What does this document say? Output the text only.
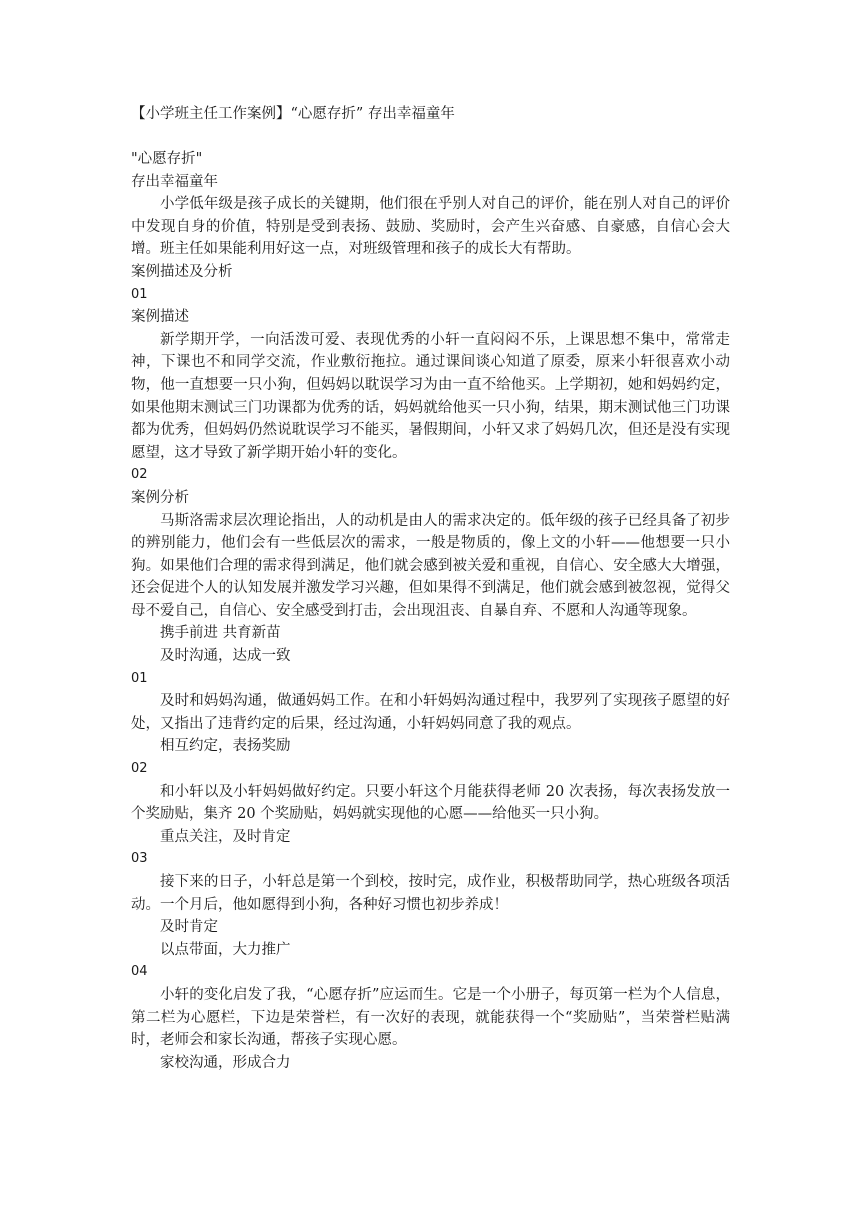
【小学班主任工作案例】“心愿存折” 存出幸福童年

"心愿存折"

存出幸福童年

小学低年级是孩子成长的关键期，他们很在乎别人对自己的评价，能在别人对自己的评价中发现自身的价值，特别是受到表扬、鼓励、奖励时，会产生兴奋感、自豪感，自信心会大增。班主任如果能利用好这一点，对班级管理和孩子的成长大有帮助。

案例描述及分析

01

案例描述

新学期开学，一向活泼可爱、表现优秀的小轩一直闷闷不乐，上课思想不集中，常常走神，下课也不和同学交流，作业敷衍拖拉。通过课间谈心知道了原委，原来小轩很喜欢小动物，他一直想要一只小狗，但妈妈以耽误学习为由一直不给他买。上学期初，她和妈妈约定，如果他期末测试三门功课都为优秀的话，妈妈就给他买一只小狗，结果，期末测试他三门功课都为优秀，但妈妈仍然说耽误学习不能买，暑假期间，小轩又求了妈妈几次，但还是没有实现愿望，这才导致了新学期开始小轩的变化。

02

案例分析

马斯洛需求层次理论指出，人的动机是由人的需求决定的。低年级的孩子已经具备了初步的辨别能力，他们会有一些低层次的需求，一般是物质的，像上文的小轩——他想要一只小狗。如果他们合理的需求得到满足，他们就会感到被关爱和重视，自信心、安全感大大增强，还会促进个人的认知发展并激发学习兴趣，但如果得不到满足，他们就会感到被忽视，觉得父母不爱自己，自信心、安全感受到打击，会出现沮丧、自暴自弃、不愿和人沟通等现象。

携手前进 共育新苗

及时沟通，达成一致

01

及时和妈妈沟通，做通妈妈工作。在和小轩妈妈沟通过程中，我罗列了实现孩子愿望的好处，又指出了违背约定的后果，经过沟通，小轩妈妈同意了我的观点。

相互约定，表扬奖励

02

和小轩以及小轩妈妈做好约定。只要小轩这个月能获得老师 20 次表扬，每次表扬发放一个奖励贴，集齐 20 个奖励贴，妈妈就实现他的心愿——给他买一只小狗。

重点关注，及时肯定

03

接下来的日子，小轩总是第一个到校，按时完，成作业，积极帮助同学，热心班级各项活动。一个月后，他如愿得到小狗，各种好习惯也初步养成！

及时肯定

以点带面，大力推广

04

小轩的变化启发了我，“心愿存折”应运而生。它是一个小册子，每页第一栏为个人信息，第二栏为心愿栏，下边是荣誉栏，有一次好的表现，就能获得一个“奖励贴”，当荣誉栏贴满时，老师会和家长沟通，帮孩子实现心愿。

家校沟通，形成合力
